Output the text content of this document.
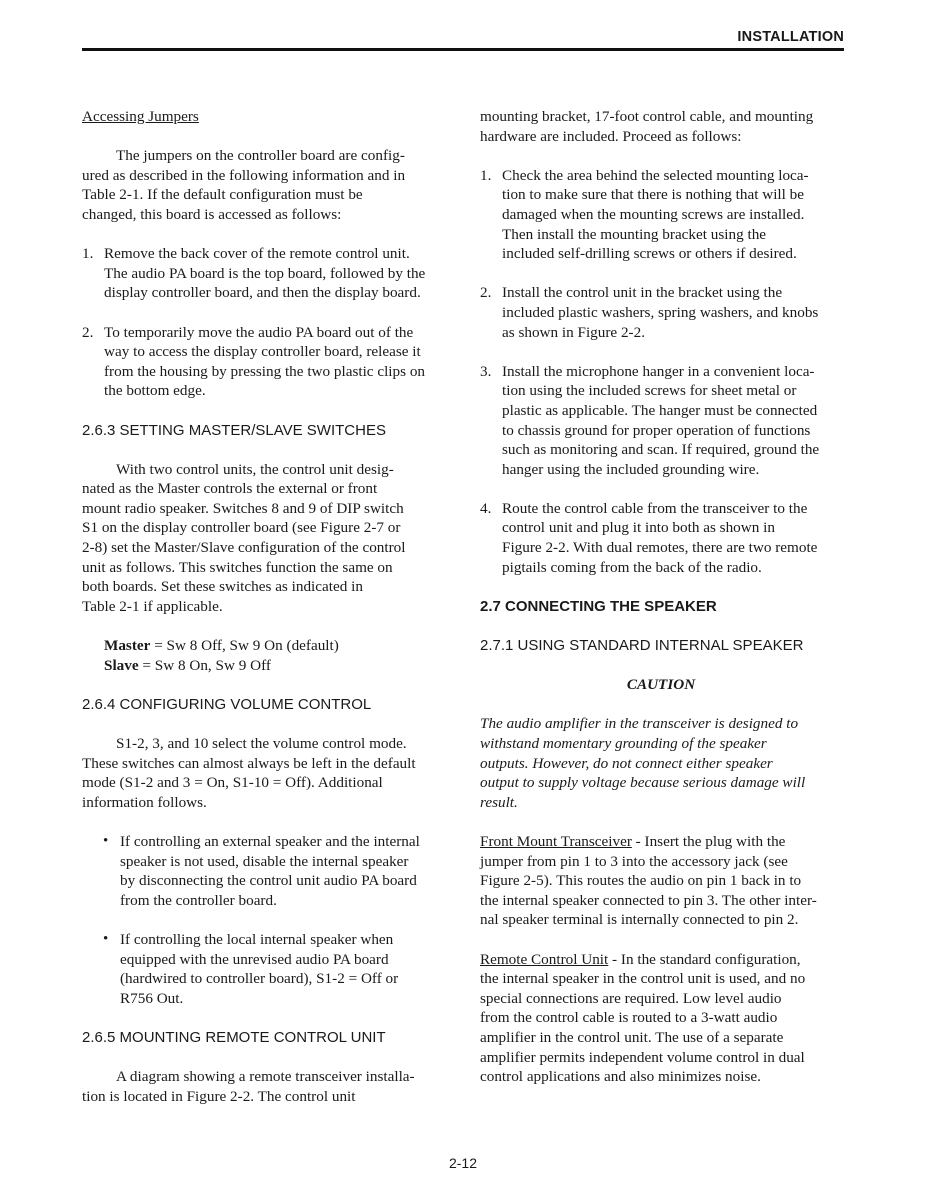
INSTALLATION
Accessing Jumpers
The jumpers on the controller board are config-
ured as described in the following information and in
Table 2-1. If the default configuration must be
changed, this board is accessed as follows:
1. Remove the back cover of the remote control unit.
The audio PA board is the top board, followed by the
display controller board, and then the display board.
2. To temporarily move the audio PA board out of the
way to access the display controller board, release it
from the housing by pressing the two plastic clips on
the bottom edge.
2.6.3 SETTING MASTER/SLAVE SWITCHES
With two control units, the control unit desig-
nated as the Master controls the external or front
mount radio speaker. Switches 8 and 9 of DIP switch
S1 on the display controller board (see Figure 2-7 or
2-8) set the Master/Slave configuration of the control
unit as follows. This switches function the same on
both boards. Set these switches as indicated in
Table 2-1 if applicable.
Master = Sw 8 Off, Sw 9 On (default)
Slave = Sw 8 On, Sw 9 Off
2.6.4 CONFIGURING VOLUME CONTROL
S1-2, 3, and 10 select the volume control mode.
These switches can almost always be left in the default
mode (S1-2 and 3 = On, S1-10 = Off). Additional
information follows.
• If controlling an external speaker and the internal
speaker is not used, disable the internal speaker
by disconnecting the control unit audio PA board
from the controller board.
• If controlling the local internal speaker when
equipped with the unrevised audio PA board
(hardwired to controller board), S1-2 = Off or
R756 Out.
2.6.5 MOUNTING REMOTE CONTROL UNIT
A diagram showing a remote transceiver installa-
tion is located in Figure 2-2. The control unit
mounting bracket, 17-foot control cable, and mounting
hardware are included. Proceed as follows:
1. Check the area behind the selected mounting loca-
tion to make sure that there is nothing that will be
damaged when the mounting screws are installed.
Then install the mounting bracket using the
included self-drilling screws or others if desired.
2. Install the control unit in the bracket using the
included plastic washers, spring washers, and knobs
as shown in Figure 2-2.
3. Install the microphone hanger in a convenient loca-
tion using the included screws for sheet metal or
plastic as applicable. The hanger must be connected
to chassis ground for proper operation of functions
such as monitoring and scan. If required, ground the
hanger using the included grounding wire.
4. Route the control cable from the transceiver to the
control unit and plug it into both as shown in
Figure 2-2. With dual remotes, there are two remote
pigtails coming from the back of the radio.
2.7 CONNECTING THE SPEAKER
2.7.1 USING STANDARD INTERNAL SPEAKER
CAUTION
The audio amplifier in the transceiver is designed to
withstand momentary grounding of the speaker
outputs. However, do not connect either speaker
output to supply voltage because serious damage will
result.
Front Mount Transceiver - Insert the plug with the
jumper from pin 1 to 3 into the accessory jack (see
Figure 2-5). This routes the audio on pin 1 back in to
the internal speaker connected to pin 3. The other inter-
nal speaker terminal is internally connected to pin 2.
Remote Control Unit - In the standard configuration,
the internal speaker in the control unit is used, and no
special connections are required. Low level audio
from the control cable is routed to a 3-watt audio
amplifier in the control unit. The use of a separate
amplifier permits independent volume control in dual
control applications and also minimizes noise.
2-12
